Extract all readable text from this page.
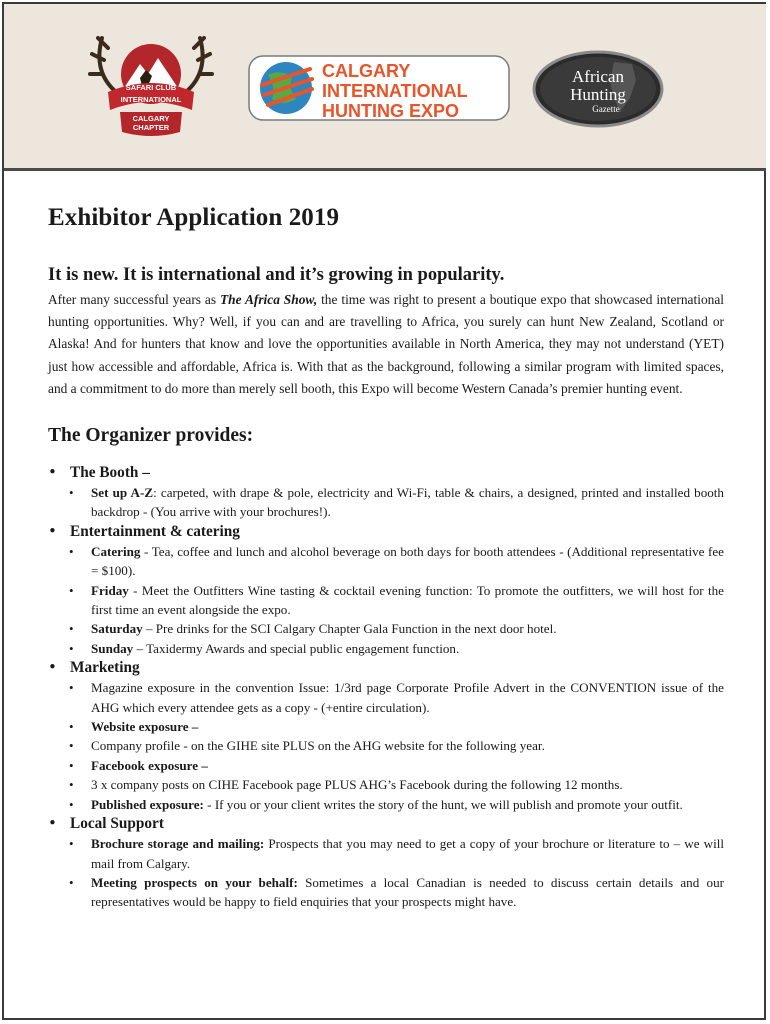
SAFARI CLUB
INTERNATIONAL
CALGARY
CHAPTER
CALGARY
INTERNATIONAL
HUNTING EXPO
African
Hunting
Gazette
Exhibitor Application 2019
It is new. It is international and it’s growing in popularity.

After many successful years as The Africa Show, the time was right to present a boutique expo that showcased international hunting opportunities. Why? Well, if you can and are travelling to Africa, you surely can hunt New Zealand, Scotland or Alaska! And for hunters that know and love the opportunities available in North America, they may not understand (YET) just how accessible and affordable, Africa is. With that as the background, following a similar program with limited spaces, and a commitment to do more than merely sell booth, this Expo will become Western Canada’s premier hunting event.

The Organizer provides:
• The Booth –
• Set up A-Z: carpeted, with drape & pole, electricity and Wi-Fi, table & chairs, a designed, printed and installed booth backdrop - (You arrive with your brochures!).
• Entertainment & catering
• Catering - Tea, coffee and lunch and alcohol beverage on both days for booth attendees - (Additional representative fee = $100).
• Friday - Meet the Outfitters Wine tasting & cocktail evening function: To promote the outfitters, we will host for the first time an event alongside the expo.
• Saturday – Pre drinks for the SCI Calgary Chapter Gala Function in the next door hotel.
• Sunday – Taxidermy Awards and special public engagement function.
• Marketing
• Magazine exposure in the convention Issue: 1/3rd page Corporate Profile Advert in the CONVENTION issue of the AHG which every attendee gets as a copy - (+entire circulation).
• Website exposure –
• Company profile - on the GIHE site PLUS on the AHG website for the following year.
• Facebook exposure –
• 3 x company posts on CIHE Facebook page PLUS AHG’s Facebook during the following 12 months.
• Published exposure: - If you or your client writes the story of the hunt, we will publish and promote your outfit.
• Local Support
• Brochure storage and mailing: Prospects that you may need to get a copy of your brochure or literature to – we will mail from Calgary.
• Meeting prospects on your behalf: Sometimes a local Canadian is needed to discuss certain details and our representatives would be happy to field enquiries that your prospects might have.
